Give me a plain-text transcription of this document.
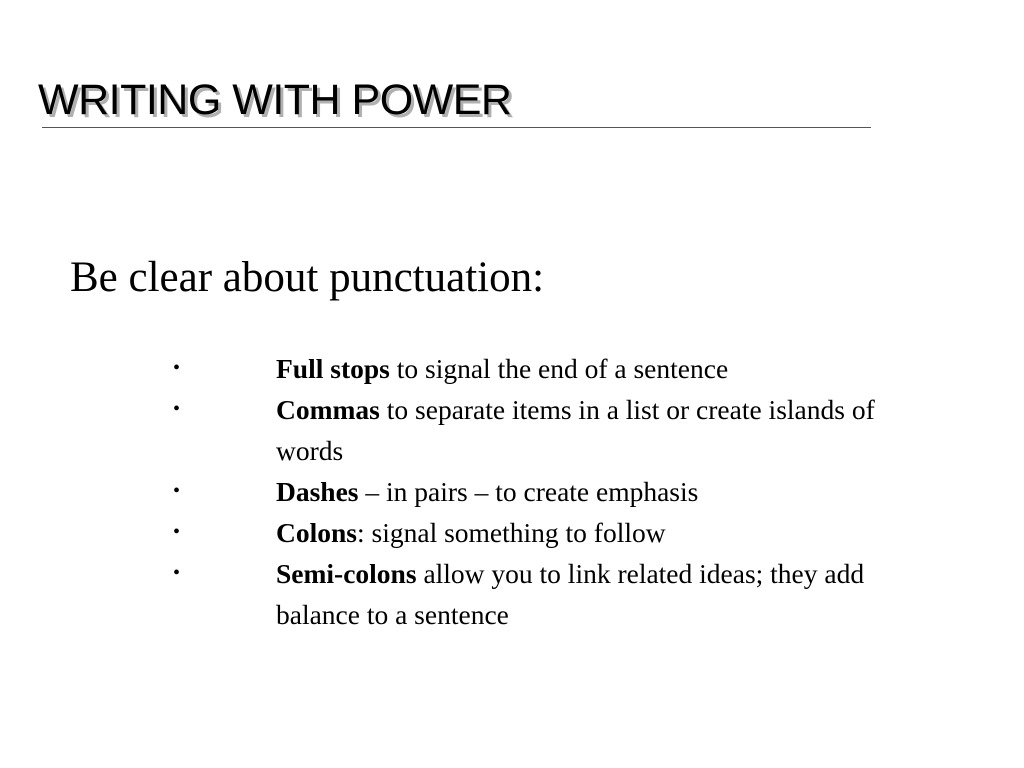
WRITING WITH POWER
Be clear about punctuation:
•	Full stops to signal the end of a sentence
•	Commas to separate items in a list or create islands of words
•	Dashes – in pairs – to create emphasis
•	Colons: signal something to follow
•	Semi-colons allow you to link related ideas; they add balance to a sentence
